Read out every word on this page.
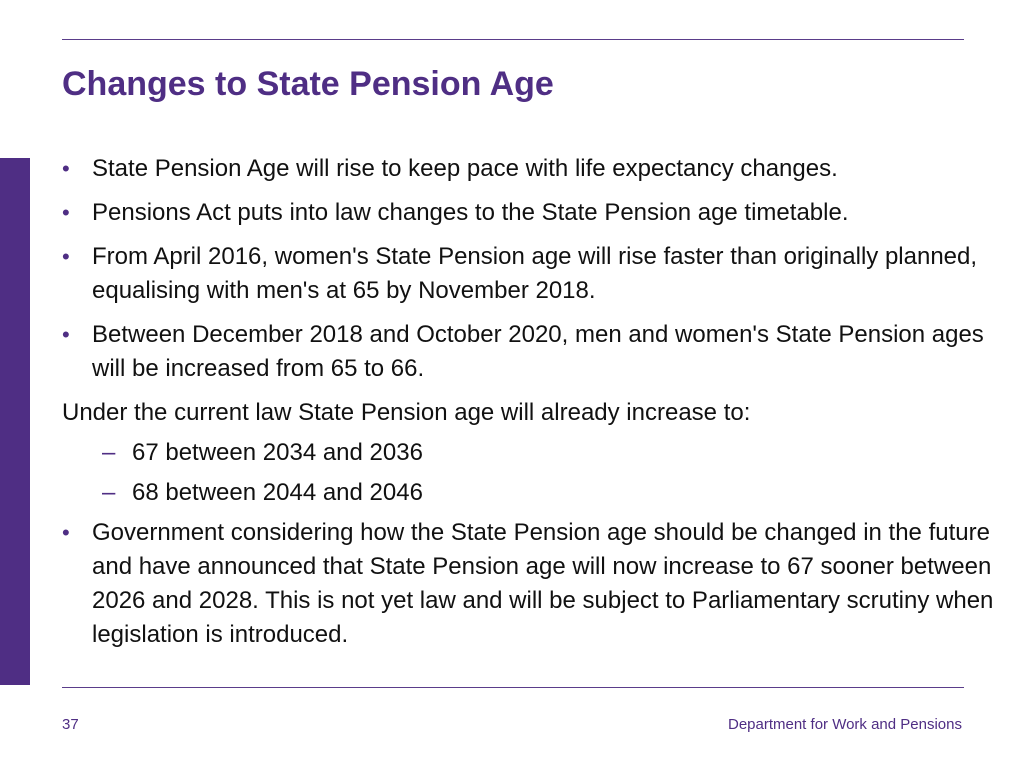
Changes to State Pension Age
• State Pension Age will rise to keep pace with life expectancy changes.
• Pensions Act puts into law changes to the State Pension age timetable.
• From April 2016, women's State Pension age will rise faster than originally planned, equalising with men's at 65 by November 2018.
• Between December 2018 and October 2020, men and women's State Pension ages will be increased from 65 to 66.
Under the current law State Pension age will already increase to:
– 67 between 2034 and 2036
– 68 between 2044 and 2046
• Government considering how the State Pension age should be changed in the future and have announced that State Pension age will now increase to 67 sooner between 2026 and 2028. This is not yet law and will be subject to Parliamentary scrutiny when legislation is introduced.
37	Department for Work and Pensions
